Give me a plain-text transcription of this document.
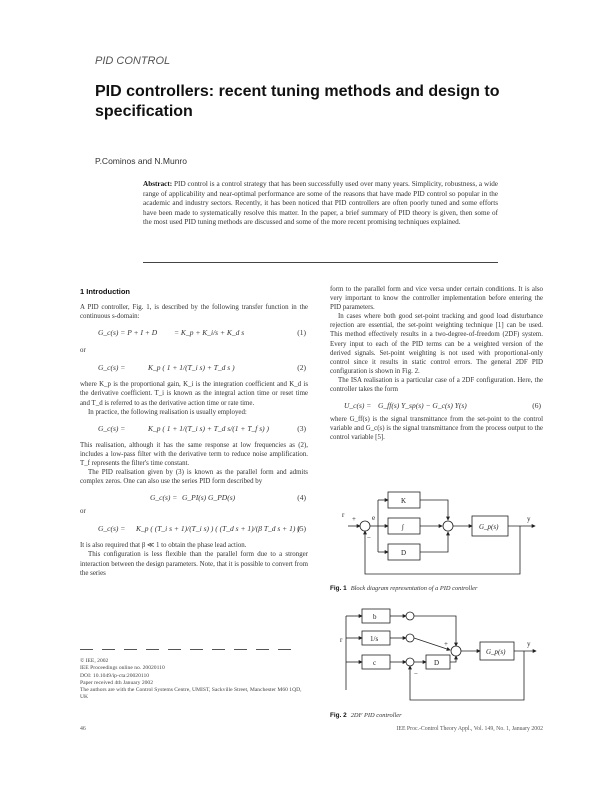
PID CONTROL
PID controllers: recent tuning methods and design to specification
P.Cominos and N.Munro
Abstract: PID control is a control strategy that has been successfully used over many years. Simplicity, robustness, a wide range of applicability and near-optimal performance are some of the reasons that have made PID control so popular in the academic and industry sectors. Recently, it has been noticed that PID controllers are often poorly tuned and some efforts have been made to systematically resolve this matter. In the paper, a brief summary of PID theory is given, then some of the most used PID tuning methods are discussed and some of the more recent promising techniques explained.
1 Introduction

A PID controller, Fig. 1, is described by the following transfer function in the continuous s-domain:

G_c(s) = P + I + D = K_p + K_i/s + K_d s	(1)
or
G_c(s) =	K_p ( 1 + 1/(T_i s) + T_d s )	(2)

where K_p is the proportional gain, K_i is the integration coefficient and K_d is the derivative coefficient. T_i is known as the integral action time or reset time and T_d is referred to as the derivative action time or rate time.

In practice, the following realisation is usually employed:

G_c(s) =	K_p ( 1 + 1/(T_i s) + T_d s/(1 + T_f s) )	(3)

This realisation, although it has the same response at low frequencies as (2), includes a low-pass filter with the derivative term to reduce noise amplification. T_f represents the filter's time constant.

The PID realisation given by (3) is known as the parallel form and admits complex zeros. One can also use the series PID form described by

G_c(s) = G_PI(s) G_PD(s)	(4)
or
G_c(s) = K_p ( (T_i s + 1)/(T_i s) ) ( (T_d s + 1)/(β T_d s + 1) )
(5)

It is also required that β ≪ 1 to obtain the phase lead action.

This configuration is less flexible than the parallel form due to a stronger interaction between the design parameters. Note, that it is possible to convert from the series

© IEE, 2002
IEE Proceedings online no. 20020110
DOI: 10.1049/ip-cta:20020110
Paper received 4th January 2002
The authors are with the Control Systems Centre, UMIST, Sackville Street, Manchester M60 1QD, UK
46

form to the parallel form and vice versa under certain conditions. It is also very important to know the controller implementation before entering the PID parameters.

In cases where both good set-point tracking and good load disturbance rejection are essential, the set-point weighting technique [1] can be used. This method effectively results in a two-degree-of-freedom (2DF) system. Every input to each of the PID terms can be a weighted version of the derived signals. Set-point weighting is not used with proportional-only control since it results in static control errors. The general 2DF PID configuration is shown in Fig. 2.

The ISA realisation is a particular case of a 2DF configuration. Here, the controller takes the form

U_c(s) = G_ff(s) Y_sp(s) − G_c(s) Y(s)	(6)

where G_ff(s) is the signal transmittance from the set-point to the control variable and G_c(s) is the signal transmittance from the process output to the control variable [5].

r +
−
e
K
∫
D
G_p(s)
y
Fig. 1 Block diagram representation of a PID controller
r
b
1/s
c	D
+
G_p(s)
y
−
Fig. 2 2DF PID controller
IEE Proc.-Control Theory Appl., Vol. 149, No. 1, January 2002
